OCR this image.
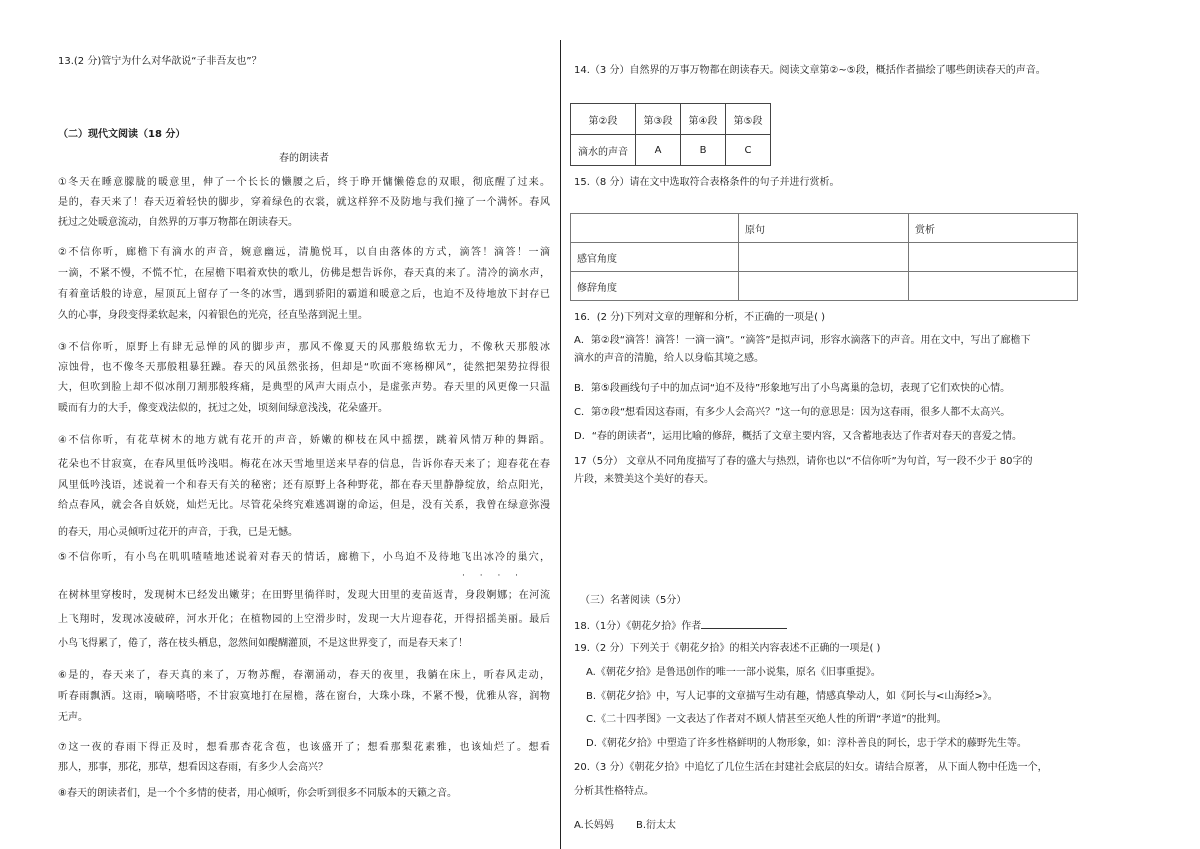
13.(2 分)管宁为什么对华歆说“子非吾友也”？
（二）现代文阅读（18 分）
春的朗读者
①冬天在睡意朦胧的暖意里，伸了一个长长的懒腰之后，终于睁开慵懒倦怠的双眼，彻底醒了过来。
是的，春天来了！春天迈着轻快的脚步，穿着绿色的衣裳，就这样猝不及防地与我们撞了一个满怀。春风
抚过之处暖意流动，自然界的万事万物都在朗读春天。
②不信你听，廊檐下有滴水的声音，婉意幽远，清脆悦耳，以自由落体的方式，滴答！滴答！一滴
一滴，不紧不慢，不慌不忙，在屋檐下唱着欢快的歌儿，仿佛是想告诉你，春天真的来了。清冷的滴水声，
有着童话般的诗意，屋顶瓦上留存了一冬的冰雪，遇到骄阳的霸道和暖意之后，也迫不及待地放下封存已
久的心事，身段变得柔软起来，闪着银色的光亮，径直坠落到泥土里。
③不信你听，原野上有肆无忌惮的风的脚步声，那风不像夏天的风那般绵软无力，不像秋天那般冰
凉蚀骨，也不像冬天那般粗暴狂躁。春天的风虽然张扬，但却是“吹面不寒杨柳风”，徒然把架势拉得很
大，但吹到脸上却不似冰削刀割那般疼痛，是典型的风声大雨点小，是虚张声势。春天里的风更像一只温
暖而有力的大手，像变戏法似的，抚过之处，顷刻间绿意浅浅，花朵盛开。
④不信你听，有花草树木的地方就有花开的声音，娇嫩的柳枝在风中摇摆，跳着风情万种的舞蹈。
花朵也不甘寂寞，在春风里低吟浅唱。梅花在冰天雪地里送来早春的信息，告诉你春天来了；迎春花在春
风里低吟浅语，述说着一个和春天有关的秘密；还有原野上各种野花，都在春天里静静绽放，给点阳光，
给点春风，就会各自妖娆，灿烂无比。尽管花朵终究难逃凋谢的命运，但是，没有关系，我曾在绿意弥漫
的春天，用心灵倾听过花开的声音，于我，已是无憾。
⑤不信你听，有小鸟在叽叽喳喳地述说着对春天的情话，廊檐下，小鸟迫不及待地飞出冰冷的巢穴，
· · · ·
在树林里穿梭时，发现树木已经发出嫩芽；在田野里徜徉时，发现大田里的麦苗返青，身段婀娜；在河流
上飞翔时，发现冰凌破碎，河水开化；在植物园的上空滑步时，发现一大片迎春花，开得招摇美丽。最后
小鸟飞得累了，倦了，落在枝头栖息，忽然间如醍醐灌顶，不是这世界变了，而是春天来了！
⑥是的，春天来了，春天真的来了，万物苏醒，春潮涌动，春天的夜里，我躺在床上，听春风走动，
听春雨飘洒。这雨，嘀嘀嗒嗒，不甘寂寞地打在屋檐，落在窗台，大珠小珠，不紧不慢，优雅从容，润物
无声。
⑦这一夜的春雨下得正及时，想看那杏花含苞，也该盛开了；想看那梨花素雅，也该灿烂了。想看
那人，那事，那花，那草，想看因这春雨，有多少人会高兴？
⑧春天的朗读者们，是一个个多情的使者，用心倾听，你会听到很多不同版本的天籁之音。
14.（3 分）自然界的万事万物都在朗读春天。阅读文章第②~⑤段，概括作者描绘了哪些朗读春天的声音。
第②段	第③段	第④段	第⑤段
滴水的声音	A	B	C
15.（8 分）请在文中选取符合表格条件的句子并进行赏析。
	原句	赏析
感官角度		
修辞角度		
16．(2 分)下列对文章的理解和分析，不正确的一项是( )
A．第②段“滴答！滴答！一滴一滴”。“滴答”是拟声词，形容水滴落下的声音。用在文中，写出了廊檐下
滴水的声音的清脆，给人以身临其境之感。
B．第⑤段画线句子中的加点词“迫不及待”形象地写出了小鸟离巢的急切，表现了它们欢快的心情。
C．第⑦段“想看因这春雨，有多少人会高兴？”这一句的意思是：因为这春雨，很多人都不太高兴。
D．“春的朗读者”，运用比喻的修辞，概括了文章主要内容，又含蓄地表达了作者对春天的喜爱之情。
17（5分） 文章从不同角度描写了春的盛大与热烈，请你也以“不信你听”为句首，写一段不少于 80字的
片段，来赞美这个美好的春天。
（三）名著阅读（5分）
18.（1分）《朝花夕拾》作者
19.（2 分）下列关于《朝花夕拾》的相关内容表述不正确的一项是( )
A.《朝花夕拾》是鲁迅创作的唯一一部小说集，原名《旧事重提》。
B.《朝花夕拾》中，写人记事的文章描写生动有趣，情感真挚动人，如《阿长与<山海经>》。
C.《二十四孝图》一文表达了作者对不顾人情甚至灭绝人性的所谓“孝道”的批判。
D.《朝花夕拾》中塑造了许多性格鲜明的人物形象，如：淳朴善良的阿长，忠于学术的藤野先生等。
20.（3 分）《朝花夕拾》中追忆了几位生活在封建社会底层的妇女。请结合原著， 从下面人物中任选一个，
分析其性格特点。
A.长妈妈 B.衍太太
